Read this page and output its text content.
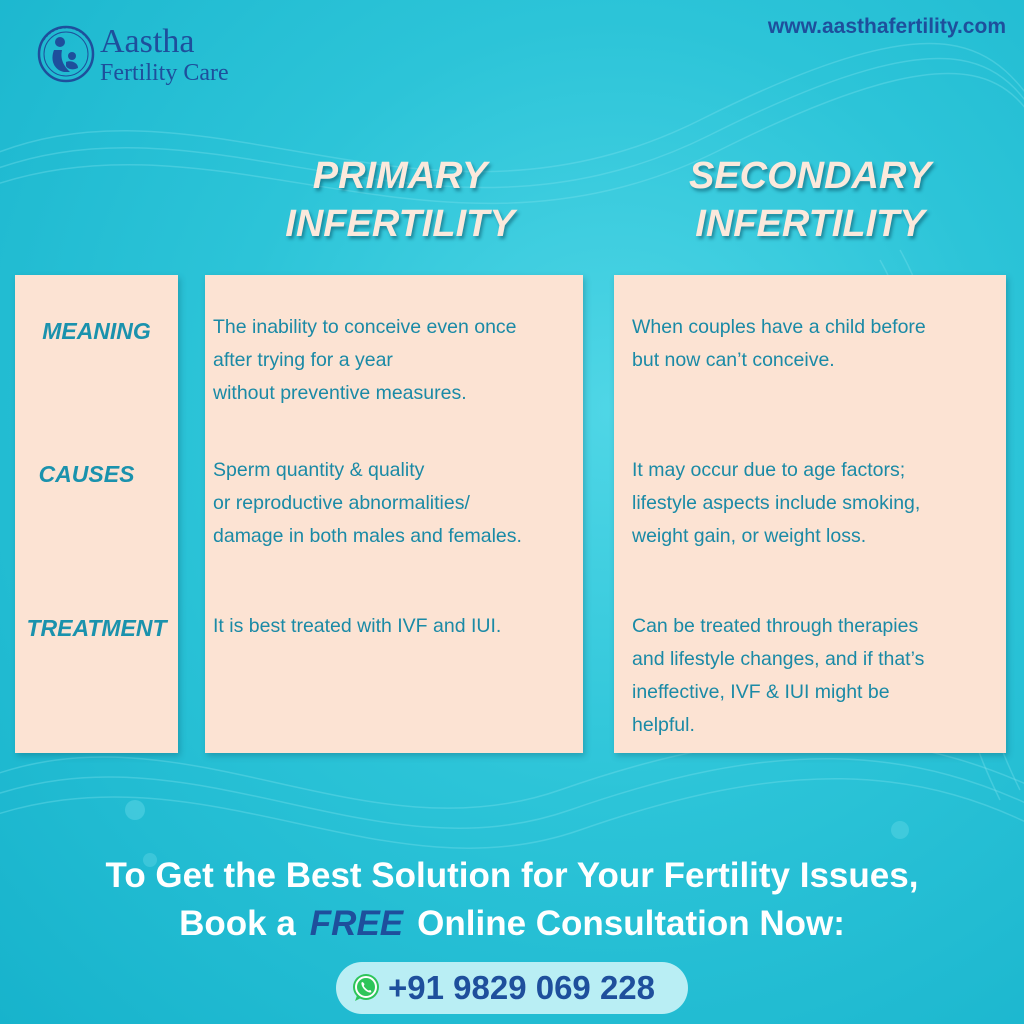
Aastha
Fertility Care
www.aasthafertility.com
PRIMARY
INFERTILITY
SECONDARY
INFERTILITY
MEANING
CAUSES
TREATMENT
The inability to conceive even once
after trying for a year
without preventive measures.
Sperm quantity & quality
or reproductive abnormalities/
damage in both males and females.
It is best treated with IVF and IUI.
When couples have a child before
but now can’t conceive.
It may occur due to age factors;
lifestyle aspects include smoking,
weight gain, or weight loss.
Can be treated through therapies
and lifestyle changes, and if that’s
ineffective, IVF & IUI might be
helpful.
To Get the Best Solution for Your Fertility Issues,
Book a FREE Online Consultation Now:
+91 9829 069 228
